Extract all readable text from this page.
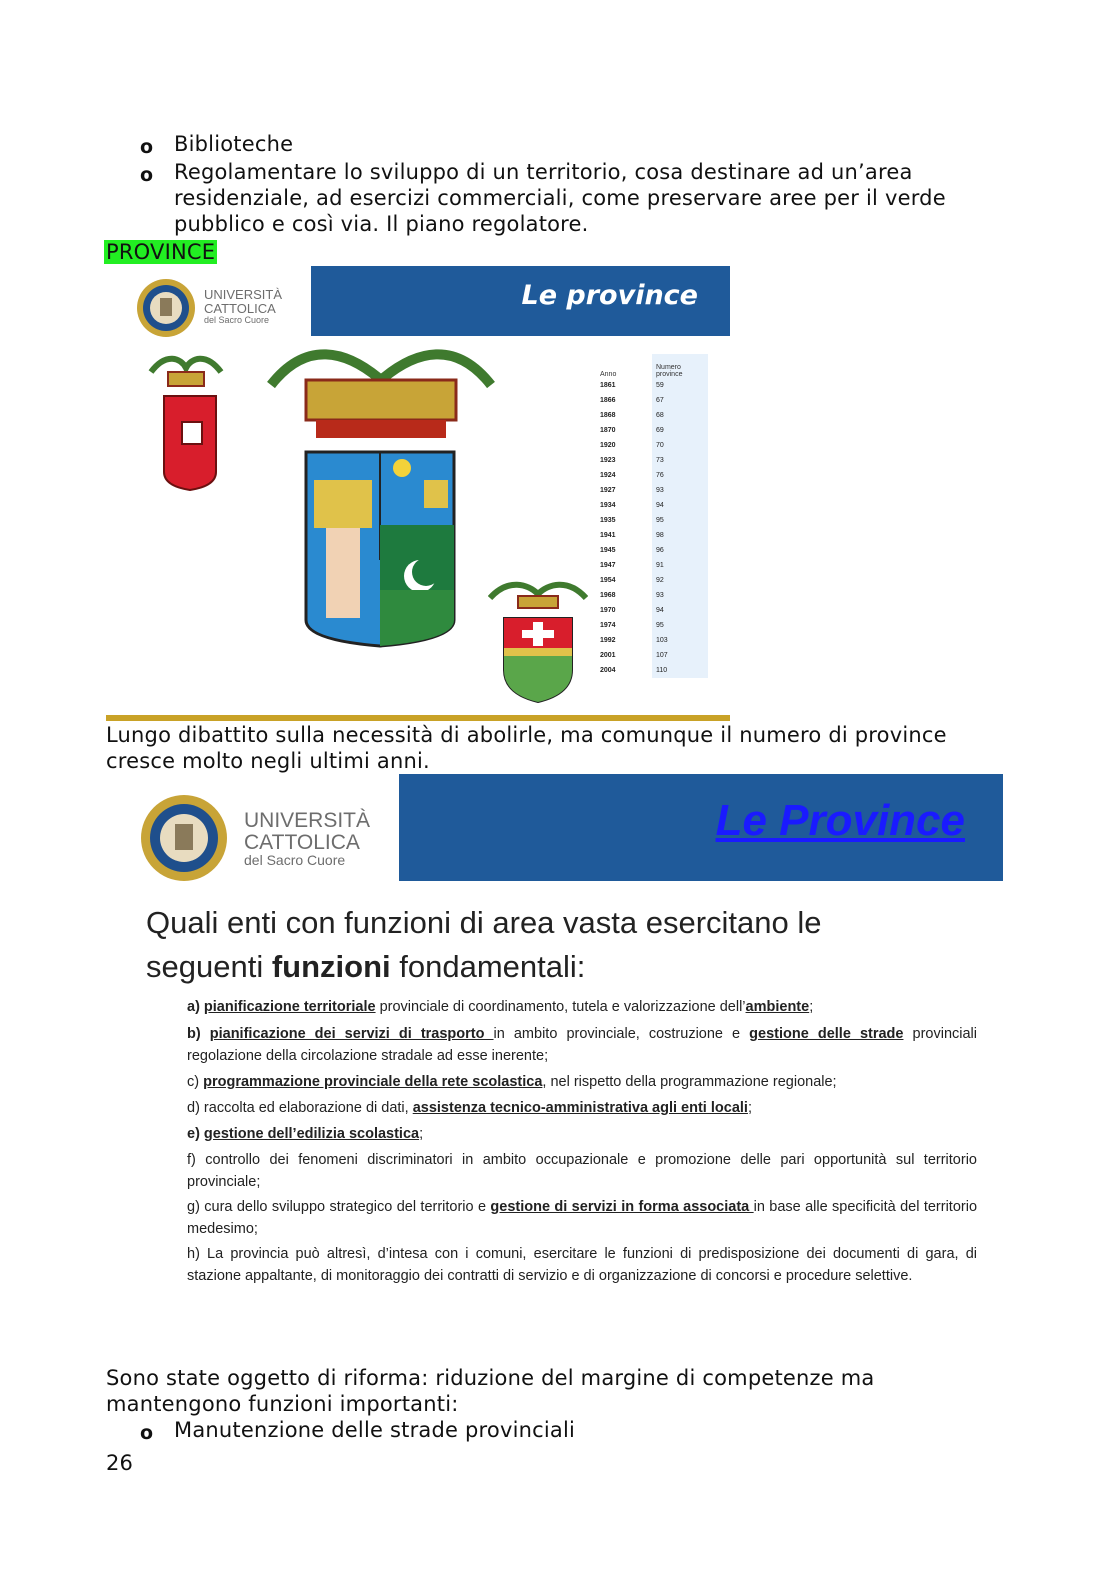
o Biblioteche
o Regolamentare lo sviluppo di un territorio, cosa destinare ad un’area residenziale, ad esercizi commerciali, come preservare aree per il verde pubblico e così via. Il piano regolatore.
PROVINCE
UNIVERSITÀ
CATTOLICA
del Sacro Cuore
Le province
Anno	Numero province
1861	59
1866	67
1868	68
1870	69
1920	70
1923	73
1924	76
1927	93
1934	94
1935	95
1941	98
1945	96
1947	91
1954	92
1968	93
1970	94
1974	95
1992	103
2001	107
2004	110
Lungo dibattito sulla necessità di abolirle, ma comunque il numero di province cresce molto negli ultimi anni.
UNIVERSITÀ
CATTOLICA
del Sacro Cuore
Le Province
Quali enti con funzioni di area vasta esercitano le seguenti funzioni fondamentali:
a) pianificazione territoriale provinciale di coordinamento, tutela e valorizzazione dell’ambiente;
b) pianificazione dei servizi di trasporto in ambito provinciale, costruzione e gestione delle strade provinciali regolazione della circolazione stradale ad esse inerente;
c) programmazione provinciale della rete scolastica, nel rispetto della programmazione regionale;
d) raccolta ed elaborazione di dati, assistenza tecnico-amministrativa agli enti locali;
e) gestione dell’edilizia scolastica;
f) controllo dei fenomeni discriminatori in ambito occupazionale e promozione delle pari opportunità sul territorio provinciale;
g) cura dello sviluppo strategico del territorio e gestione di servizi in forma associata in base alle specificità del territorio medesimo;
h) La provincia può altresì, d’intesa con i comuni, esercitare le funzioni di predisposizione dei documenti di gara, di stazione appaltante, di monitoraggio dei contratti di servizio e di organizzazione di concorsi e procedure selettive.
Sono state oggetto di riforma: riduzione del margine di competenze ma mantengono funzioni importanti:
o Manutenzione delle strade provinciali
26
